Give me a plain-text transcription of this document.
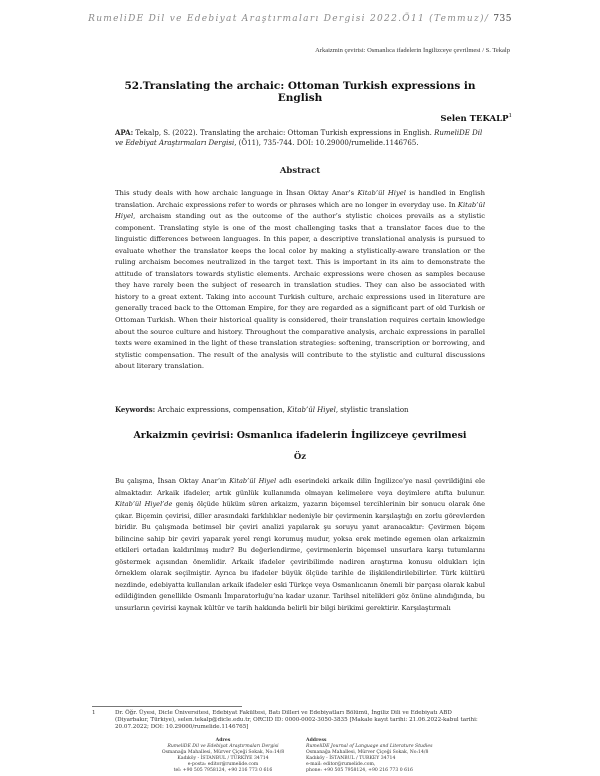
RumeliDE Dil ve Edebiyat Araştırmaları Dergisi 2022.Ö11 (Temmuz)/ 735
Arkaizmin çevirisi: Osmanlıca ifadelerin İngilizceye çevrilmesi / S. Tekalp
52.Translating the archaic: Ottoman Turkish expressions in English
Selen TEKALP$^1$
APA: Tekalp, S. (2022). Translating the archaic: Ottoman Turkish expressions in English. RumeliDE Dil ve Edebiyat Araştırmaları Dergisi, (Ö11), 735-744. DOI: 10.29000/rumelide.1146765.
Abstract
This study deals with how archaic language in İhsan Oktay Anar’s Kitab’ül Hiyel is handled in English translation. Archaic expressions refer to words or phrases which are no longer in everyday use. In Kitab’ül Hiyel, archaism standing out as the outcome of the author’s stylistic choices prevails as a stylistic component. Translating style is one of the most challenging tasks that a translator faces due to the linguistic differences between languages. In this paper, a descriptive translational analysis is pursued to evaluate whether the translator keeps the local color by making a stylistically-aware translation or the ruling archaism becomes neutralized in the target text. This is important in its aim to demonstrate the attitude of translators towards stylistic elements. Archaic expressions were chosen as samples because they have rarely been the subject of research in translation studies. They can also be associated with history to a great extent. Taking into account Turkish culture, archaic expressions used in literature are generally traced back to the Ottoman Empire, for they are regarded as a significant part of old Turkish or Ottoman Turkish. When their historical quality is considered, their translation requires certain knowledge about the source culture and history. Throughout the comparative analysis, archaic expressions in parallel texts were examined in the light of these translation strategies: softening, transcription or borrowing, and stylistic compensation. The result of the analysis will contribute to the stylistic and cultural discussions about literary translation.
Keywords: Archaic expressions, compensation, Kitab’ül Hiyel, stylistic translation
Arkaizmin çevirisi: Osmanlıca ifadelerin İngilizceye çevrilmesi
Öz
Bu çalışma, İhsan Oktay Anar’ın Kitab’ül Hiyel adlı eserindeki arkaik dilin İngilizce’ye nasıl çevrildiğini ele almaktadır. Arkaik ifadeler, artık günlük kullanımda olmayan kelimelere veya deyimlere atıfta bulunur. Kitab’ül Hiyel’de geniş ölçüde hüküm süren arkaizm, yazarın biçemsel tercihlerinin bir sonucu olarak öne çıkar. Biçemin çevirisi, diller arasındaki farklılıklar nedeniyle bir çevirmenin karşılaştığı en zorlu görevlerden biridir. Bu çalışmada betimsel bir çeviri analizi yapılarak şu soruyu yanıt aranacaktır: Çevirmen biçem bilincine sahip bir çeviri yaparak yerel rengi korumuş mudur, yoksa erek metinde egemen olan arkaizmin etkileri ortadan kaldırılmış mıdır? Bu değerlendirme, çevirmenlerin biçemsel unsurlara karşı tutumlarını göstermek açısından önemlidir. Arkaik ifadeler çeviribilimde nadiren araştırma konusu oldukları için örneklem olarak seçilmiştir. Ayrıca bu ifadeler büyük ölçüde tarihle de ilişkilendirilebilirler. Türk kültürü nezdinde, edebiyatta kullanılan arkaik ifadeler eski Türkçe veya Osmanlıcanın önemli bir parçası olarak kabul edildiğinden genellikle Osmanlı İmparatorluğu’na kadar uzanır. Tarihsel nitelikleri göz önüne alındığında, bu unsurların çevirisi kaynak kültür ve tarih hakkında belirli bir bilgi birikimi gerektirir. Karşılaştırmalı
1	Dr. Öğr. Üyesi, Dicle Üniversitesi, Edebiyat Fakültesi, Batı Dilleri ve Edebiyatları Bölümü, İngiliz Dili ve Edebiyatı ABD (Diyarbakır, Türkiye), selen.tekalp@dicle.edu.tr, ORCID ID: 0000-0002-3050-3835 [Makale kayıt tarihi: 21.06.2022-kabul tarihi: 20.07.2022; DOI: 10.29000/rumelide.1146765]
Adres
RumeliDE Dil ve Edebiyat Araştırmaları Dergisi
Osmanağa Mahallesi, Mürver Çiçeği Sokak, No:14/8
Kadıköy - İSTANBUL / TÜRKİYE 34714
e-posta: editor@rumelide.com
tel: +90 505 7958124, +90 216 773 0 616
Address
RumeliDE Journal of Language and Literature Studies
Osmanağa Mahallesi, Mürver Çiçeği Sokak, No:14/8
Kadıköy - İSTANBUL / TURKEY 34714
e-mail: editor@rumelide.com,
phone: +90 505 7958124, +90 216 773 0 616
